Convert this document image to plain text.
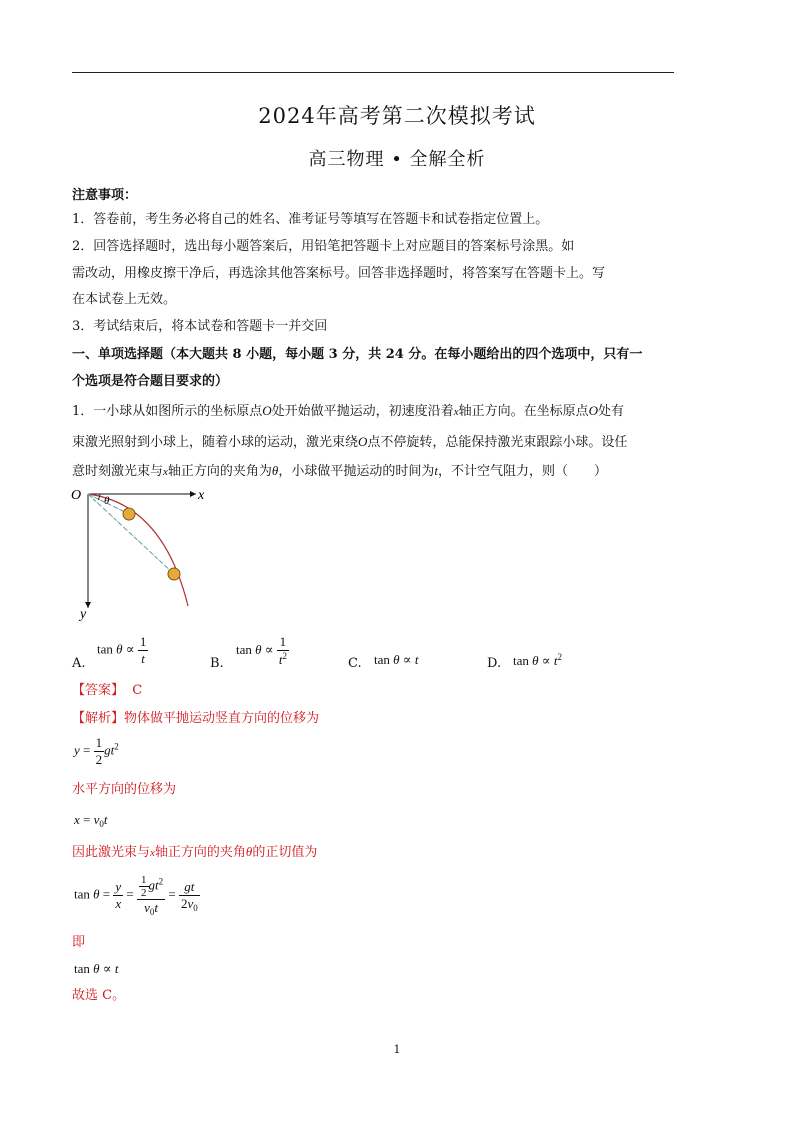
2024年高考第二次模拟考试
高三物理 • 全解全析
注意事项：
1．答卷前，考生务必将自己的姓名、准考证号等填写在答题卡和试卷指定位置上。
2．回答选择题时，选出每小题答案后，用铅笔把答题卡上对应题目的答案标号涂黑。如
需改动，用橡皮擦干净后，再选涂其他答案标号。回答非选择题时，将答案写在答题卡上。写
在本试卷上无效。
3．考试结束后，将本试卷和答题卡一并交回
一、单项选择题（本大题共 8 小题，每小题 3 分，共 24 分。在每小题给出的四个选项中，只有一
个选项是符合题目要求的）
1．一小球从如图所示的坐标原点O处开始做平抛运动，初速度沿着x轴正方向。在坐标原点O处有
束激光照射到小球上，随着小球的运动，激光束绕O点不停旋转，总能保持激光束跟踪小球。设任
意时刻激光束与x轴正方向的夹角为θ，小球做平抛运动的时间为t，不计空气阻力，则（　　）
O	x
y
θ
A.
$\tan \theta \propto \frac{1}{t}$	B.
$\tan \theta \propto \frac{1}{t^2}$	C. tan θ ∝ t	D. $\tan \theta \propto t^2$
【答案】 C
【解析】物体做平抛运动竖直方向的位移为
$y = \frac{1}{2} gt^2$
水平方向的位移为
$x = v_0t$
因此激光束与x轴正方向的夹角θ的正切值为
$\tan \theta = \frac{y}{x} = \frac{\frac{1}{2} gt^2}{v_0t} = \frac{gt}{2v_0}$
即
tan θ ∝ t
故选 C。
1
